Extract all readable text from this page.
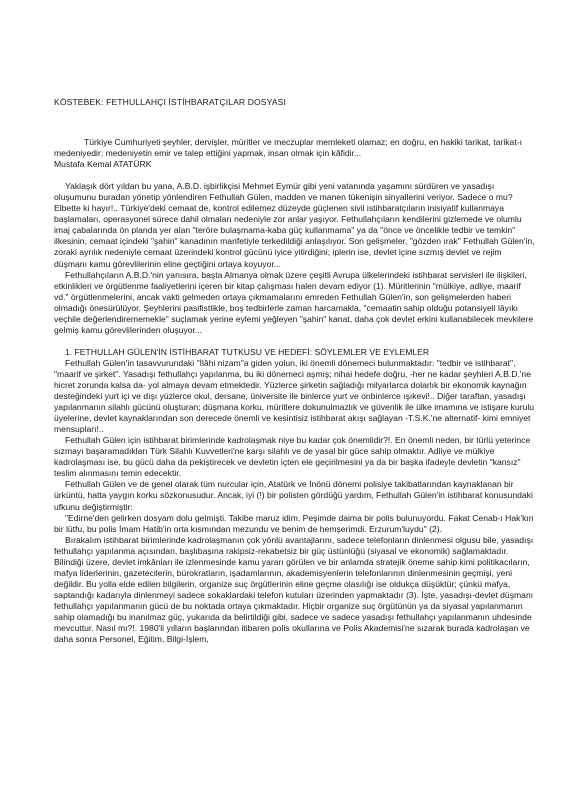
KÖSTEBEK: FETHULLAHÇI İSTİHBARATÇILAR DOSYASI

Türkiye Cumhuriyeti şeyhler, dervişler, müritler ve meczuplar memleketi olamaz; en doğru, en hakiki tarikat, tarikat-ı medeniyedir; medeniyetin emir ve talep ettiğini yapmak, insan olmak için kâfidir...

Mustafa Kemal ATATÜRK

Yaklaşık dört yıldan bu yana, A.B.D. işbirlikçisi Mehmet Eymür gibi yeni vatanında yaşamını sürdüren ve yasadışı oluşumunu buradan yönetip yönlendiren Fethullah Gülen, madden ve manen tükenişin sinyallerini veriyor. Sadece o mu? Elbette ki hayır!.. Türkiye'deki cemaat de, kontrol edilemez düzeyde güçlenen sivil istihbaratçıların inisiyatif kullanmaya başlamaları, operasyonel sürece dahil olmaları nedeniyle zor anlar yaşıyor. Fethullahçıların kendilerini gizlemede ve olumlu imaj çabalarında ön planda yer alan "teröre bulaşmama-kaba güç kullanmama" ya da "önce ve öncelikle tedbir ve temkin" ilkesinin, cemaat içindeki "şahin" kanadının marifetiyle terkedildiği anlaşılıyor. Son gelişmeler, "gözden ırak" Fethullah Gülen'in, zoraki ayrılık nedeniyle cemaat üzerindeki kontrol gücünü iyice yitirdiğini; iplerin ise, devlet içine sızmış devlet ve rejim düşmanı kamu görevlilerinin eline geçtiğini ortaya koyuyor...

Fethullahçıların A.B.D.'nin yanısıra, başta Almanya olmak üzere çeşitli Avrupa ülkelerindeki istihbarat servisleri ile ilişkileri, etkinlikleri ve örgütlenme faaliyetlerini içeren bir kitap çalışması halen devam ediyor (1). Müritlerinin "mülkiye, adliye, maarif vd." örgütlenmelerini, ancak vakti gelmeden ortaya çıkmamalarını emreden Fethullah Gülen'in, son gelişmelerden haberi olmadığı önesürülüyor. Şeyhlerini pasifistlikle, boş tedbirlerle zaman harcamakla, "cemaatin sahip olduğu potansiyeli lâyıkı veçhile değerlendirememekle" suçlamak yerine eylemi yeğleyen "şahin" kanat, daha çok devlet erkini kullanabilecek mevkilere gelmiş kamu görevlilerinden oluşuyor...

1. FETHULLAH GÜLEN'İN İSTİHBARAT TUTKUSU VE HEDEFİ: SÖYLEMLER VE EYLEMLER

Fethullah Gülen'in tasavvurundaki "İlâhi nizam"a giden yolun, iki önemli dönemeci bulunmaktadır: "tedbir ve istihbarat", "maarif ve şirket". Yasadışı fethullahçı yapılanma, bu iki dönemeci aşmış; nihai hedefe doğru, -her ne kadar şeyhleri A.B.D.'ne hicret zorunda kalsa da- yol almaya devam etmektedir. Yüzlerce şirketin sağladığı milyarlarca dolarlık bir ekonomik kaynağın desteğindeki yurt içi ve dışı yüzlerce okul, dersane, üniversite ile binlerce yurt ve onbinlerce ışıkevi!.. Diğer taraftan, yasadışı yapılanmanın silahlı gücünü oluşturan; düşmana korku, müritlere dokunulmazlık ve güvenlik ile ülke imamına ve istişare kurulu üyelerine, devlet kaynaklarından son derecede önemli ve kesintisiz istihbarat akışı sağlayan -T.S.K.'ne alternatif- kimi emniyet mensupları!..

Fethullah Gülen için istihbarat birimlerinde kadrolaşmak niye bu kadar çok önemlidir?!. En önemli neden, bir türlü yeterince sızmayı başaramadıkları Türk Silahlı Kuvvetleri'ne karşı silahlı ve de yasal bir güce sahip olmaktır. Adliye ve mülkiye kadrolaşması ise, bu gücü daha da pekiştirecek ve devletin içten ele geçirilmesini ya da bir başka ifadeyle devletin "kansız" teslim alınmasını temin edecektir.

Fethullah Gülen ve de genel olarak tüm nurcular için, Atatürk ve İnönü dönemi polisiye takibatlarından kaynaklanan bir ürküntü, hatta yaygın korku sözkonusudur. Ancak, iyi (!) bir polisten gördüğü yardım, Fethullah Gülen'in istihbarat konusundaki ufkunu değiştirmiştir:

"Edirne'den gelirken dosyam dolu gelmişti. Takibe maruz idim. Peşimde daima bir polis bulunuyordu. Fakat Cenab-ı Hak'kın bir lütfu, bu polis İmam Hatib'in orta kısmından mezundu ve benim de hemşerimdi. Erzurum'luydu" (2).

Bırakalım istihbarat birimlerinde kadrolaşmanın çok yönlü avantajlarını, sadece telefonların dinlenmesi olgusu bile, yasadışı fethullahçı yapılanma açısından, başlıbaşına rakipsiz-rekabetsiz bir güç üstünlüğü (siyasal ve ekonomik) sağlamaktadır. Bilindiği üzere, devlet imkânları ile izlenmesinde kamu yararı görülen ve bir anlamda stratejik öneme sahip kimi politikacıların, mafya liderlerinin, gazetecilerin, bürokratların, işadamlarının, akademisyenlerin telefonlarının dinlenmesinin geçmişi, yeni değildir. Bu yolla elde edilen bilgilerin, organize suç örgütlerinin eline geçme olasılığı ise oldukça düşüktür; çünkü mafya, saptandığı kadarıyla dinlenmeyi sadece sokaklardaki telefon kutuları üzerinden yapmaktadır (3). İşte, yasadışı-devlet düşmanı fethullahçı yapılanmanın gücü de bu noktada ortaya çıkmaktadır. Hiçbir organize suç örgütünün ya da siyasal yapılanmanın sahip olamadığı bu inanılmaz güç, yukarıda da belirtildiği gibi, sadece ve sadece yasadışı fethullahçı yapılanmanın uhdesinde mevcuttur. Nasıl mı?!. 1980'li yılların başlarından itibaren polis okullarına ve Polis Akademisi'ne sızarak burada kadrolaşan ve daha sonra Personel, Eğitim, Bilgi-İşlem,
